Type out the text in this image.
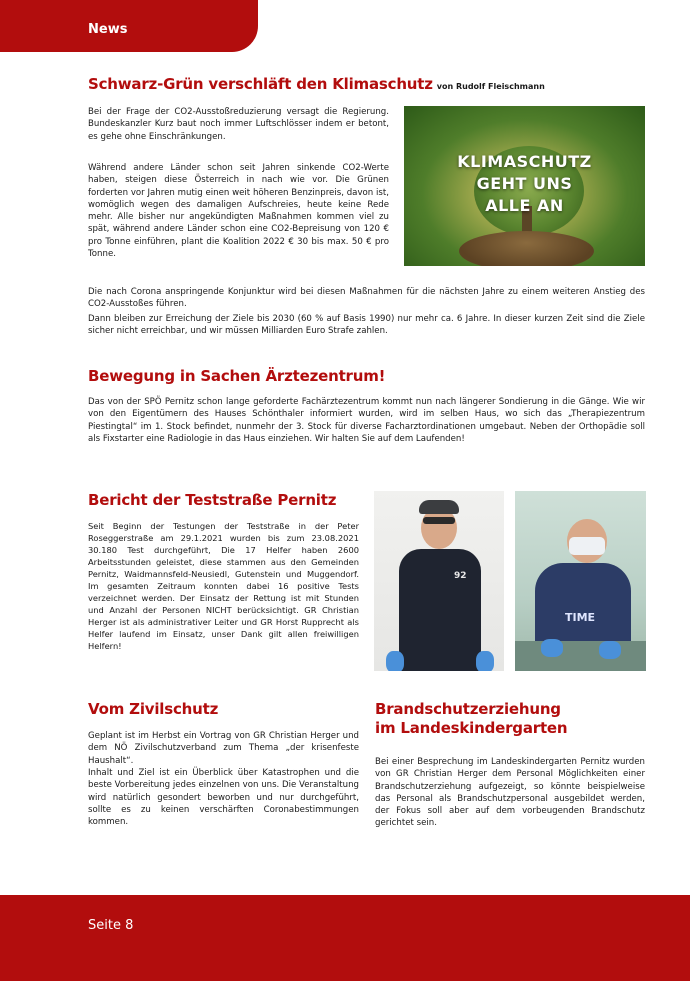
News
Schwarz-Grün verschläft den Klimaschutz von Rudolf Fleischmann

Bei der Frage der CO2-Ausstoßreduzierung versagt die Regierung. Bundeskanzler Kurz baut noch immer Luftschlösser indem er betont, es gehe ohne Einschränkungen.

Während andere Länder schon seit Jahren sinkende CO2-Werte haben, steigen diese Österreich in nach wie vor. Die Grünen forderten vor Jahren mutig einen weit höheren Benzinpreis, davon ist, womöglich wegen des damaligen Aufschreies, heute keine Rede mehr. Alle bisher nur angekündigten Maßnahmen kommen viel zu spät, während andere Länder schon eine CO2-Bepreisung von 120 € pro Tonne einführen, plant die Koalition 2022 € 30 bis max. 50 € pro Tonne.

Die nach Corona anspringende Konjunktur wird bei diesen Maßnahmen für die nächsten Jahre zu einem weiteren Anstieg des CO2-Ausstoßes führen.

Dann bleiben zur Erreichung der Ziele bis 2030 (60 % auf Basis 1990) nur mehr ca. 6 Jahre. In dieser kurzen Zeit sind die Ziele sicher nicht erreichbar, und wir müssen Milliarden Euro Strafe zahlen.

KLIMASCHUTZ
GEHT UNS
ALLE AN
Bewegung in Sachen Ärztezentrum!

Das von der SPÖ Pernitz schon lange geforderte Fachärztezentrum kommt nun nach längerer Sondierung in die Gänge. Wie wir von den Eigentümern des Hauses Schönthaler informiert wurden, wird im selben Haus, wo sich das „Therapiezentrum Piestingtal“ im 1. Stock befindet, nunmehr der 3. Stock für diverse Facharztordinationen umgebaut. Neben der Orthopädie soll als Fixstarter eine Radiologie in das Haus einziehen. Wir halten Sie auf dem Laufenden!

Bericht der Teststraße Pernitz

Seit Beginn der Testungen der Teststraße in der Peter Roseggerstraße am 29.1.2021 wurden bis zum 23.08.2021 30.180 Test durchgeführt, Die 17 Helfer haben 2600 Arbeitsstunden geleistet, diese stammen aus den Gemeinden Pernitz, Waidmannsfeld-Neusiedl, Gutenstein und Muggendorf. Im gesamten Zeitraum konnten dabei 16 positive Tests verzeichnet werden. Der Einsatz der Rettung ist mit Stunden und Anzahl der Personen NICHT berücksichtigt. GR Christian Herger ist als administrativer Leiter und GR Horst Rupprecht als Helfer laufend im Einsatz, unser Dank gilt allen freiwilligen Helfern!

92
TIME
Vom Zivilschutz

Geplant ist im Herbst ein Vortrag von GR Christian Herger und dem NÖ Zivilschutzverband zum Thema „der krisenfeste Haushalt“.

Inhalt und Ziel ist ein Überblick über Katastrophen und die beste Vorbereitung jedes einzelnen von uns. Die Veranstaltung wird natürlich gesondert beworben und nur durchgeführt, sollte es zu keinen verschärften Coronabestimmungen kommen.

Brandschutzerziehung
im Landeskindergarten

Bei einer Besprechung im Landeskindergarten Pernitz wurden von GR Christian Herger dem Personal Möglichkeiten einer Brandschutzerziehung aufgezeigt, so könnte beispielweise das Personal als Brandschutzpersonal ausgebildet werden, der Fokus soll aber auf dem vorbeugenden Brandschutz gerichtet sein.

Seite 8
